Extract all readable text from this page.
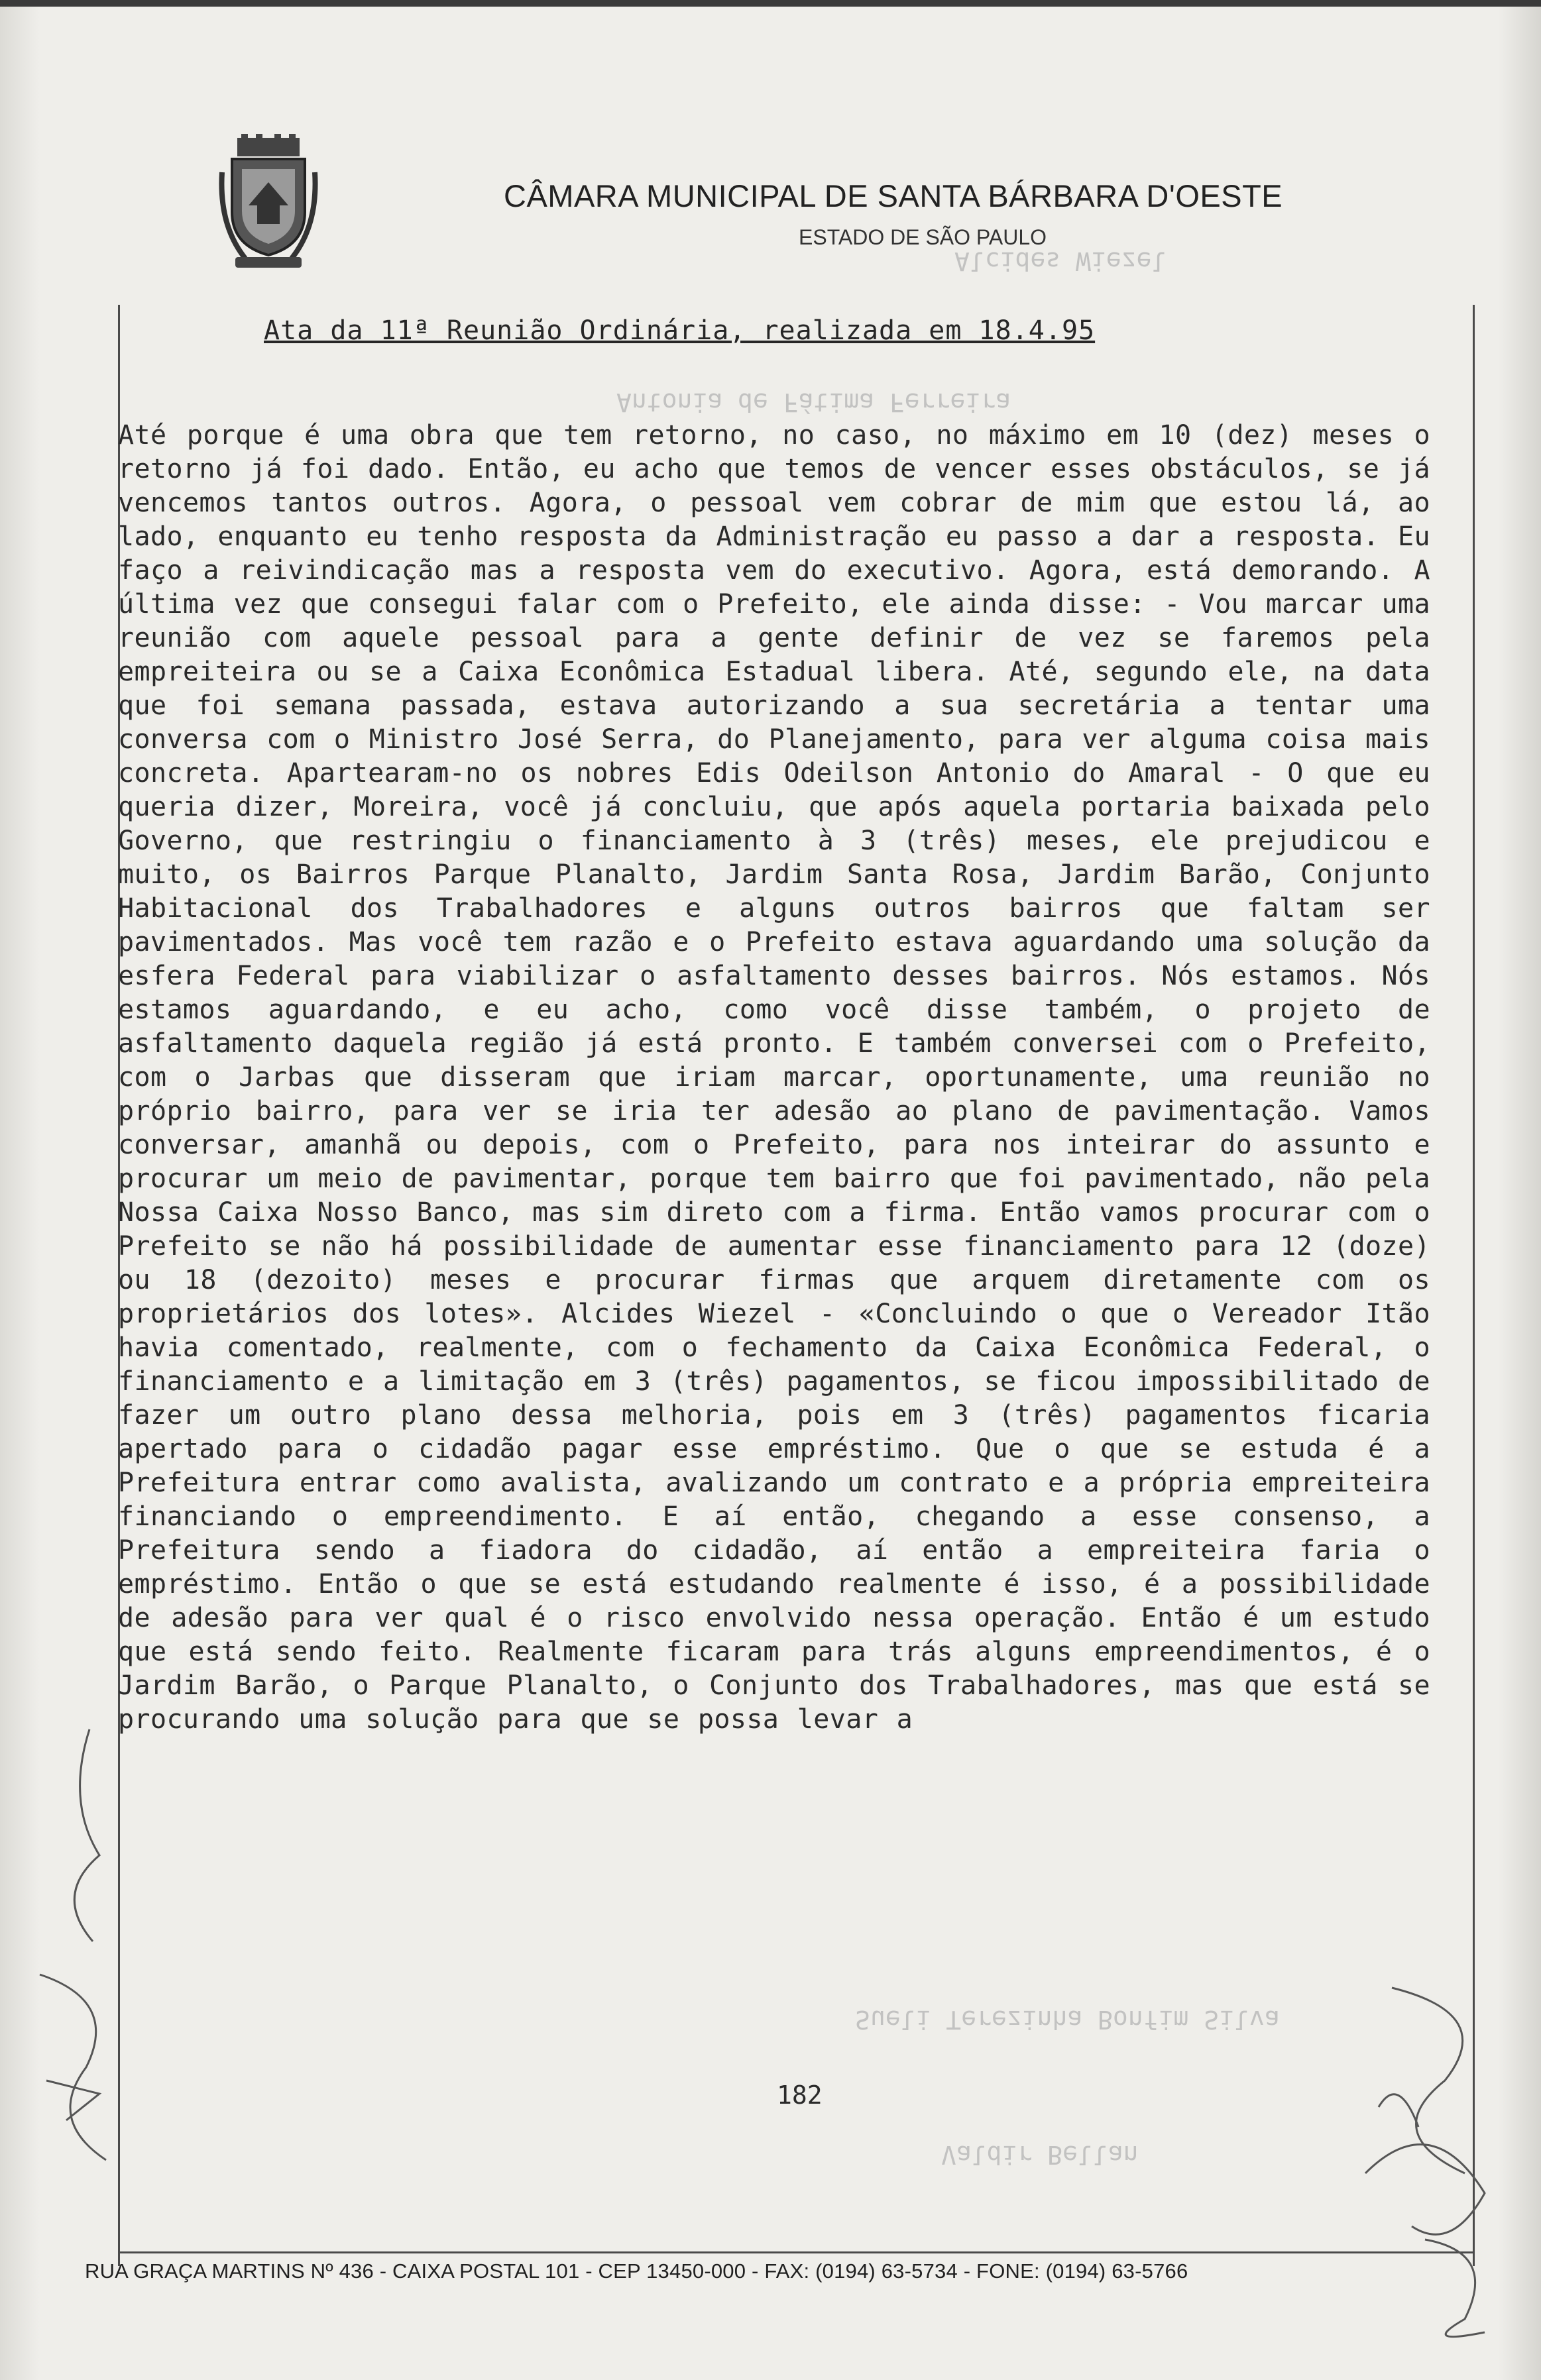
CÂMARA MUNICIPAL DE SANTA BÁRBARA D'OESTE
ESTADO DE SÃO PAULO
Alcides Wiezel
Antonia de Fátima Ferreira
Sueli Terezinha Bonfim Silva
Valdir Bellan
Ata da 11ª Reunião Ordinária, realizada em 18.4.95
Até porque é uma obra que tem retorno, no caso, no máximo em 10 (dez) meses o retorno já foi dado. Então, eu acho que temos de vencer esses obstáculos, se já vencemos tantos outros. Agora, o pessoal vem cobrar de mim que estou lá, ao lado, enquanto eu tenho resposta da Administração eu passo a dar a resposta. Eu faço a reivindicação mas a resposta vem do executivo. Agora, está demorando. A última vez que consegui falar com o Prefeito, ele ainda disse: - Vou marcar uma reunião com aquele pessoal para a gente definir de vez se faremos pela empreiteira ou se a Caixa Econômica Estadual libera. Até, segundo ele, na data que foi semana passada, estava autorizando a sua secretária a tentar uma conversa com o Ministro José Serra, do Planejamento, para ver alguma coisa mais concreta. Apartearam-no os nobres Edis Odeilson Antonio do Amaral - O que eu queria dizer, Moreira, você já concluiu, que após aquela portaria baixada pelo Governo, que restringiu o financiamento à 3 (três) meses, ele prejudicou e muito, os Bairros Parque Planalto, Jardim Santa Rosa, Jardim Barão, Conjunto Habitacional dos Trabalhadores e alguns outros bairros que faltam ser pavimentados. Mas você tem razão e o Prefeito estava aguardando uma solução da esfera Federal para viabilizar o asfaltamento desses bairros. Nós estamos. Nós estamos aguardando, e eu acho, como você disse também, o projeto de asfaltamento daquela região já está pronto. E também conversei com o Prefeito, com o Jarbas que disseram que iriam marcar, oportunamente, uma reunião no próprio bairro, para ver se iria ter adesão ao plano de pavimentação. Vamos conversar, amanhã ou depois, com o Prefeito, para nos inteirar do assunto e procurar um meio de pavimentar, porque tem bairro que foi pavimentado, não pela Nossa Caixa Nosso Banco, mas sim direto com a firma. Então vamos procurar com o Prefeito se não há possibilidade de aumentar esse financiamento para 12 (doze) ou 18 (dezoito) meses e procurar firmas que arquem diretamente com os proprietários dos lotes». Alcides Wiezel - «Concluindo o que o Vereador Itão havia comentado, realmente, com o fechamento da Caixa Econômica Federal, o financiamento e a limitação em 3 (três) pagamentos, se ficou impossibilitado de fazer um outro plano dessa melhoria, pois em 3 (três) pagamentos ficaria apertado para o cidadão pagar esse empréstimo. Que o que se estuda é a Prefeitura entrar como avalista, avalizando um contrato e a própria empreiteira financiando o empreendimento. E aí então, chegando a esse consenso, a Prefeitura sendo a fiadora do cidadão, aí então a empreiteira faria o empréstimo. Então o que se está estudando realmente é isso, é a possibilidade de adesão para ver qual é o risco envolvido nessa operação. Então é um estudo que está sendo feito. Realmente ficaram para trás alguns empreendimentos, é o Jardim Barão, o Parque Planalto, o Conjunto dos Trabalhadores, mas que está se procurando uma solução para que se possa levar a
182
RUA GRAÇA MARTINS Nº 436 - CAIXA POSTAL 101 - CEP 13450-000 - FAX: (0194) 63-5734 - FONE: (0194) 63-5766
